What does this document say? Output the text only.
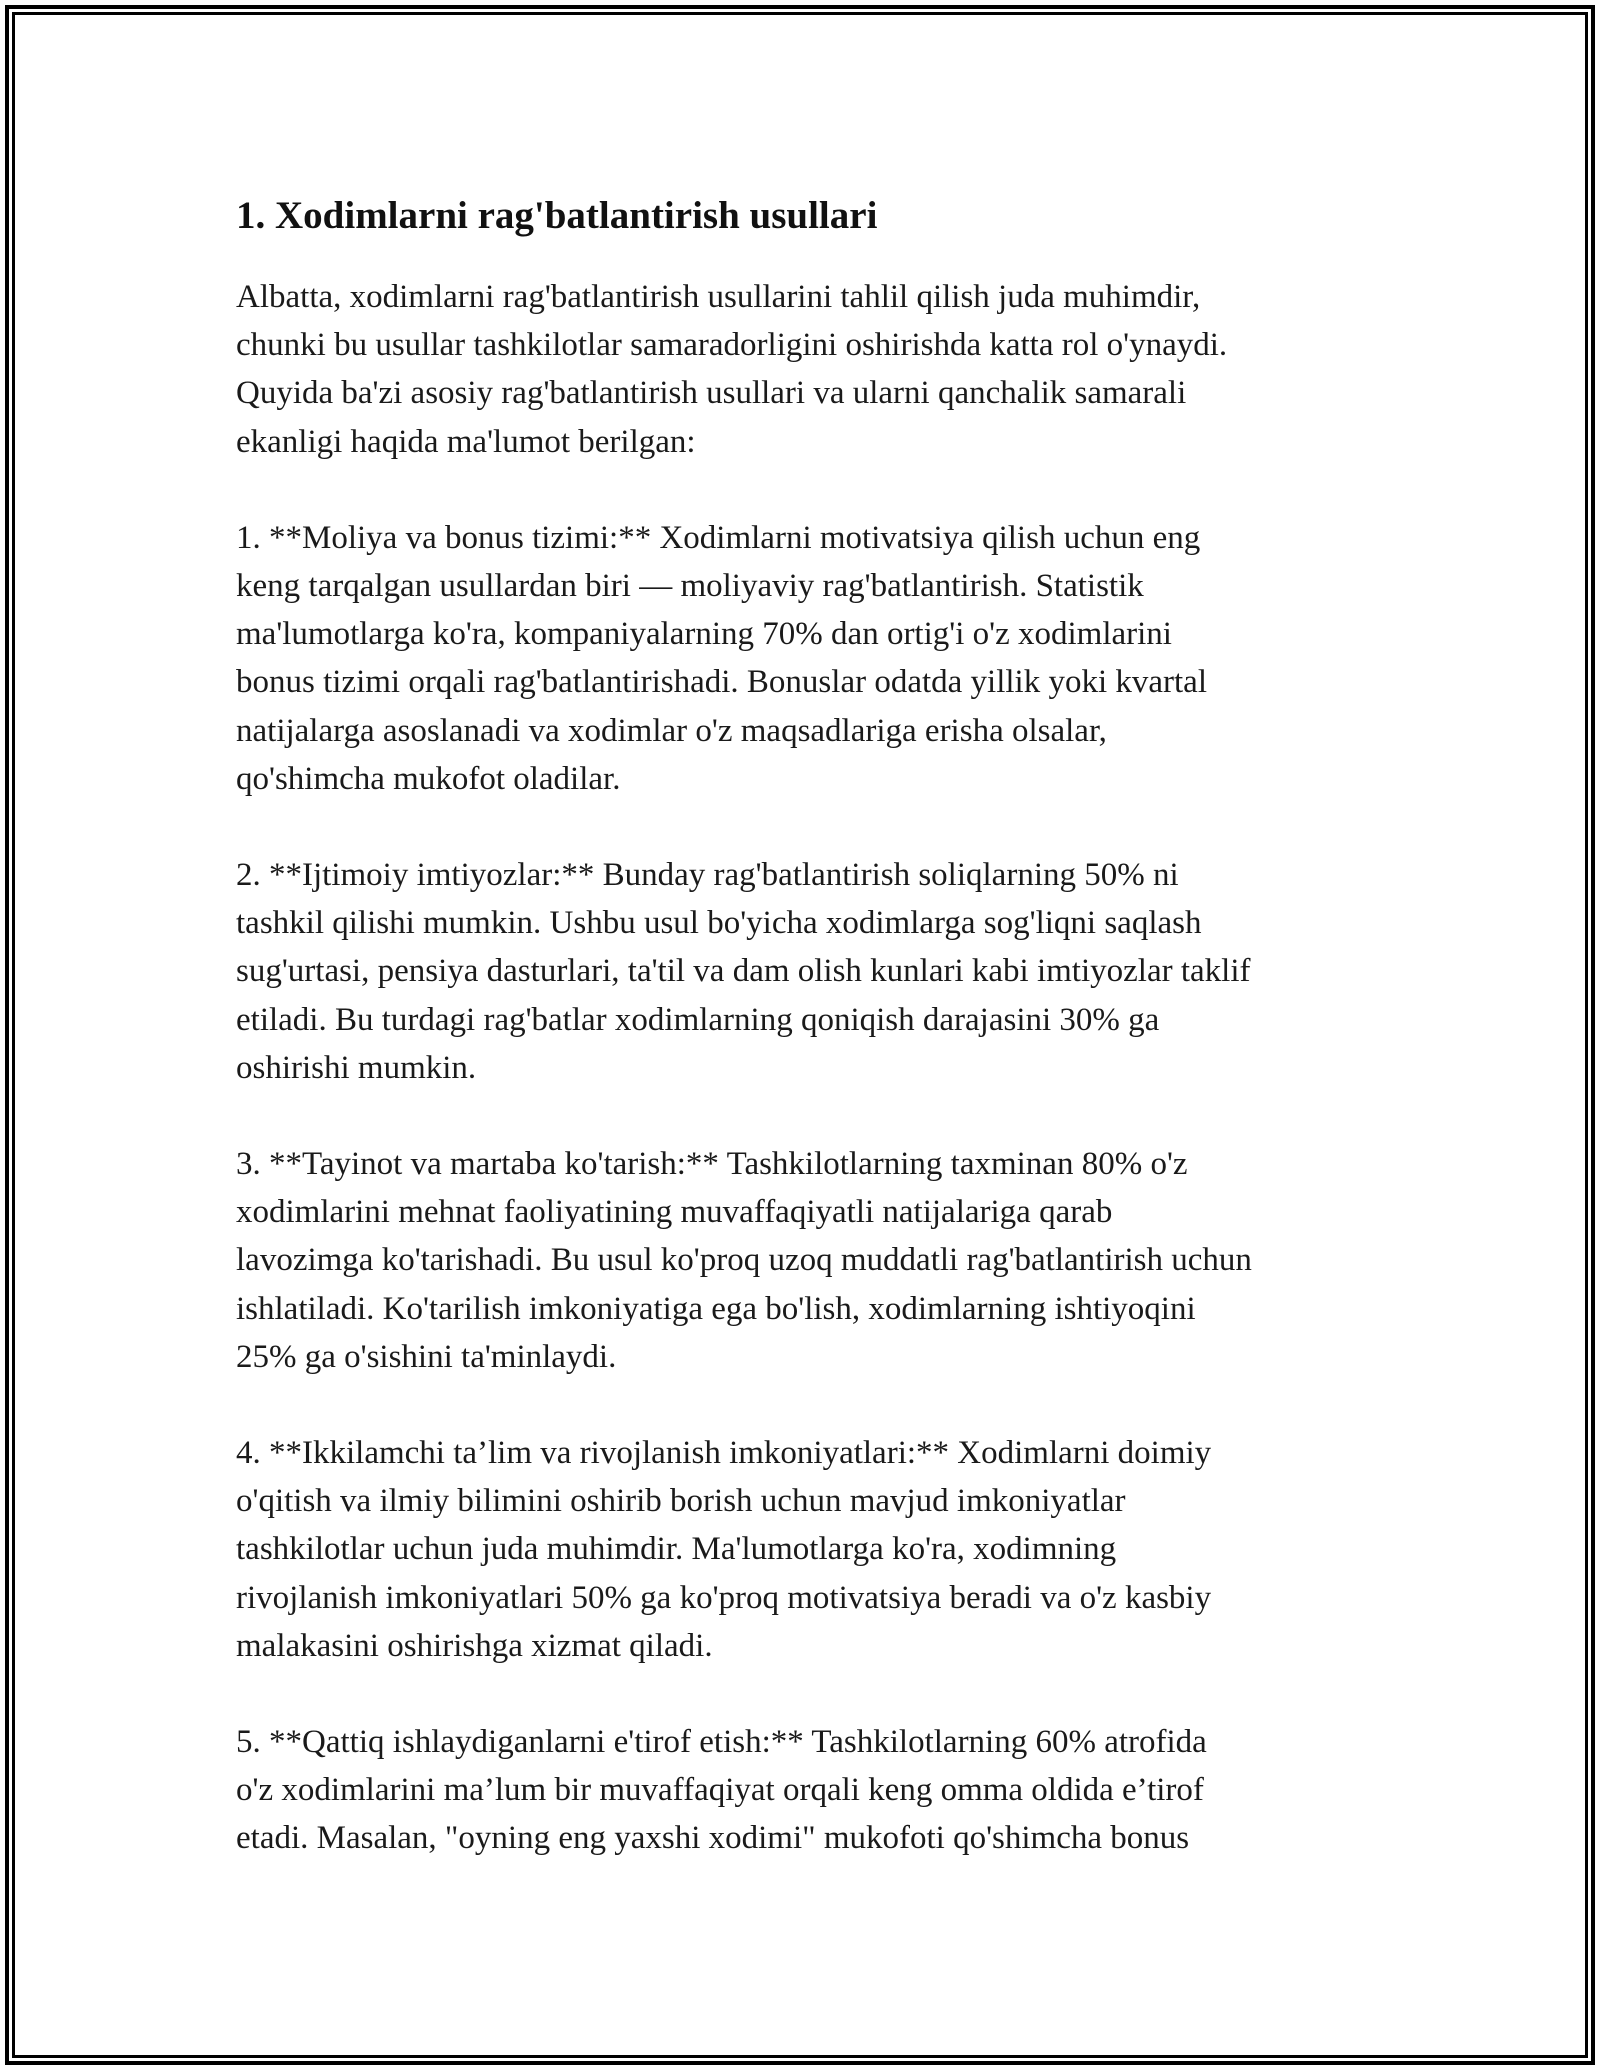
1. Xodimlarni rag'batlantirish usullari

Albatta, xodimlarni rag'batlantirish usullarini tahlil qilish juda muhimdir,
chunki bu usullar tashkilotlar samaradorligini oshirishda katta rol o'ynaydi.
Quyida ba'zi asosiy rag'batlantirish usullari va ularni qanchalik samarali
ekanligi haqida ma'lumot berilgan:

1. **Moliya va bonus tizimi:** Xodimlarni motivatsiya qilish uchun eng
keng tarqalgan usullardan biri — moliyaviy rag'batlantirish. Statistik
ma'lumotlarga ko'ra, kompaniyalarning 70% dan ortig'i o'z xodimlarini
bonus tizimi orqali rag'batlantirishadi. Bonuslar odatda yillik yoki kvartal
natijalarga asoslanadi va xodimlar o'z maqsadlariga erisha olsalar,
qo'shimcha mukofot oladilar.

2. **Ijtimoiy imtiyozlar:** Bunday rag'batlantirish soliqlarning 50% ni
tashkil qilishi mumkin. Ushbu usul bo'yicha xodimlarga sog'liqni saqlash
sug'urtasi, pensiya dasturlari, ta'til va dam olish kunlari kabi imtiyozlar taklif
etiladi. Bu turdagi rag'batlar xodimlarning qoniqish darajasini 30% ga
oshirishi mumkin.

3. **Tayinot va martaba ko'tarish:** Tashkilotlarning taxminan 80% o'z
xodimlarini mehnat faoliyatining muvaffaqiyatli natijalariga qarab
lavozimga ko'tarishadi. Bu usul ko'proq uzoq muddatli rag'batlantirish uchun
ishlatiladi. Ko'tarilish imkoniyatiga ega bo'lish, xodimlarning ishtiyoqini
25% ga o'sishini ta'minlaydi.

4. **Ikkilamchi ta’lim va rivojlanish imkoniyatlari:** Xodimlarni doimiy
o'qitish va ilmiy bilimini oshirib borish uchun mavjud imkoniyatlar
tashkilotlar uchun juda muhimdir. Ma'lumotlarga ko'ra, xodimning
rivojlanish imkoniyatlari 50% ga ko'proq motivatsiya beradi va o'z kasbiy
malakasini oshirishga xizmat qiladi.

5. **Qattiq ishlaydiganlarni e'tirof etish:** Tashkilotlarning 60% atrofida
o'z xodimlarini ma’lum bir muvaffaqiyat orqali keng omma oldida e’tirof
etadi. Masalan, "oyning eng yaxshi xodimi" mukofoti qo'shimcha bonus
